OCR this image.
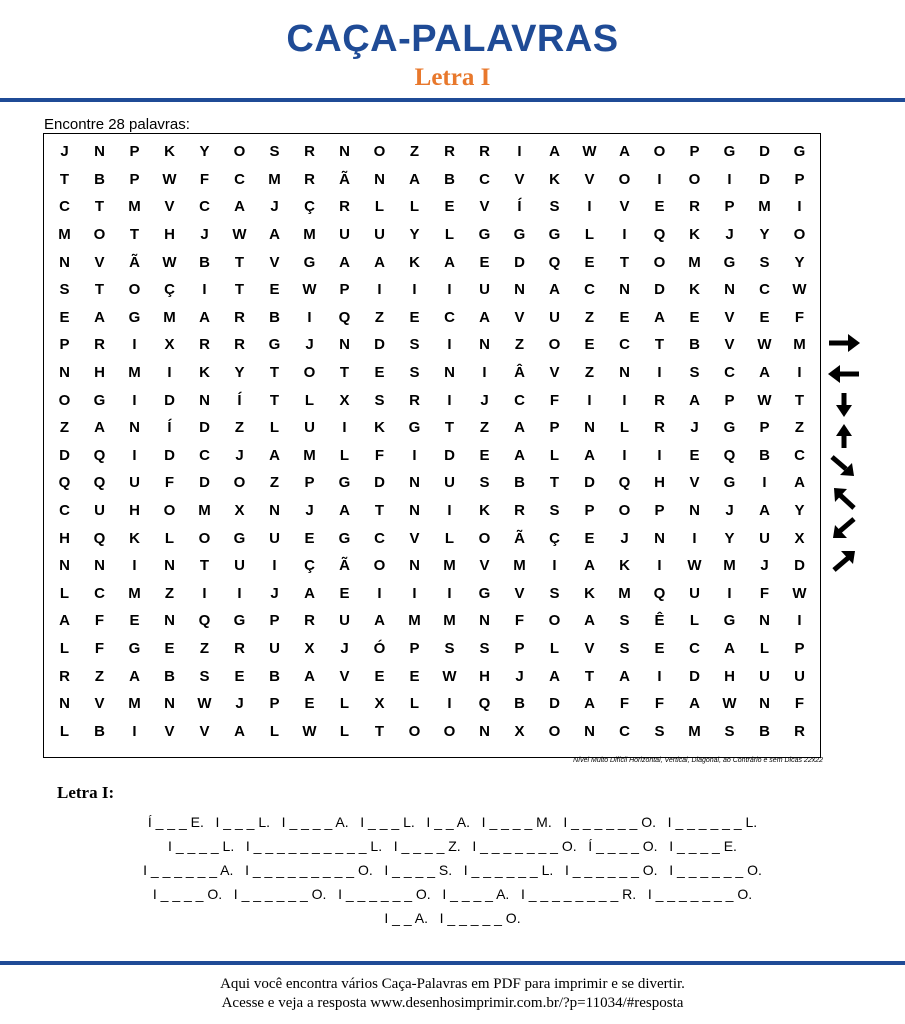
CAÇA-PALAVRAS
Letra I
Encontre 28 palavras:
J	N	P	K	Y	O	S	R	N	O	Z	R	R	I	A	W	A	O	P	G	D	G
T	B	P	W	F	C	M	R	Ã	N	A	B	C	V	K	V	O	I	O	I	D	P
C	T	M	V	C	A	J	Ç	R	L	L	E	V	Í	S	I	V	E	R	P	M	I
M	O	T	H	J	W	A	M	U	U	Y	L	G	G	G	L	I	Q	K	J	Y	O
N	V	Ã	W	B	T	V	G	A	A	K	A	E	D	Q	E	T	O	M	G	S	Y
S	T	O	Ç	I	T	E	W	P	I	I	I	U	N	A	C	N	D	K	N	C	W
E	A	G	M	A	R	B	I	Q	Z	E	C	A	V	U	Z	E	A	E	V	E	F
P	R	I	X	R	R	G	J	N	D	S	I	N	Z	O	E	C	T	B	V	W	M
N	H	M	I	K	Y	T	O	T	E	S	N	I	Â	V	Z	N	I	S	C	A	I
O	G	I	D	N	Í	T	L	X	S	R	I	J	C	F	I	I	R	A	P	W	T
Z	A	N	Í	D	Z	L	U	I	K	G	T	Z	A	P	N	L	R	J	G	P	Z
D	Q	I	D	C	J	A	M	L	F	I	D	E	A	L	A	I	I	E	Q	B	C
Q	Q	U	F	D	O	Z	P	G	D	N	U	S	B	T	D	Q	H	V	G	I	A
C	U	H	O	M	X	N	J	A	T	N	I	K	R	S	P	O	P	N	J	A	Y
H	Q	K	L	O	G	U	E	G	C	V	L	O	Ã	Ç	E	J	N	I	Y	U	X
N	N	I	N	T	U	I	Ç	Ã	O	N	M	V	M	I	A	K	I	W	M	J	D
L	C	M	Z	I	I	J	A	E	I	I	I	G	V	S	K	M	Q	U	I	F	W
A	F	E	N	Q	G	P	R	U	A	M	M	N	F	O	A	S	Ê	L	G	N	I
L	F	G	E	Z	R	U	X	J	Ó	P	S	S	P	L	V	S	E	C	A	L	P
R	Z	A	B	S	E	B	A	V	E	E	W	H	J	A	T	A	I	D	H	U	U
N	V	M	N	W	J	P	E	L	X	L	I	Q	B	D	A	F	F	A	W	N	F
L	B	I	V	V	A	L	W	L	T	O	O	N	X	O	N	C	S	M	S	B	R
Nível Muito Difícil Horizontal, Vertical, Diagonal, ao Contrário e sem Dicas 22x22

Letra I:
Í _ _ _ E.   I _ _ _ L.   I _ _ _ _ A.   I _ _ _ L.   I _ _ A.   I _ _ _ _ M.   I _ _ _ _ _ _ O.   I _ _ _ _ _ _ L.
I _ _ _ _ L.   I _ _ _ _ _ _ _ _ _ _ L.   I _ _ _ _ Z.   I _ _ _ _ _ _ _ O.   Í _ _ _ _ O.   I _ _ _ _ E.
I _ _ _ _ _ _ A.   I _ _ _ _ _ _ _ _ _ O.   I _ _ _ _ S.   I _ _ _ _ _ _ L.   I _ _ _ _ _ _ O.   I _ _ _ _ _ _ O.
I _ _ _ _ O.   I _ _ _ _ _ _ O.   I _ _ _ _ _ _ O.   I _ _ _ _ A.   I _ _ _ _ _ _ _ _ R.   I _ _ _ _ _ _ _ O.
I _ _ A.   I _ _ _ _ _ O.
Aqui você encontra vários Caça-Palavras em PDF para imprimir e se divertir.
Acesse e veja a resposta www.desenhosimprimir.com.br/?p=11034/#resposta
